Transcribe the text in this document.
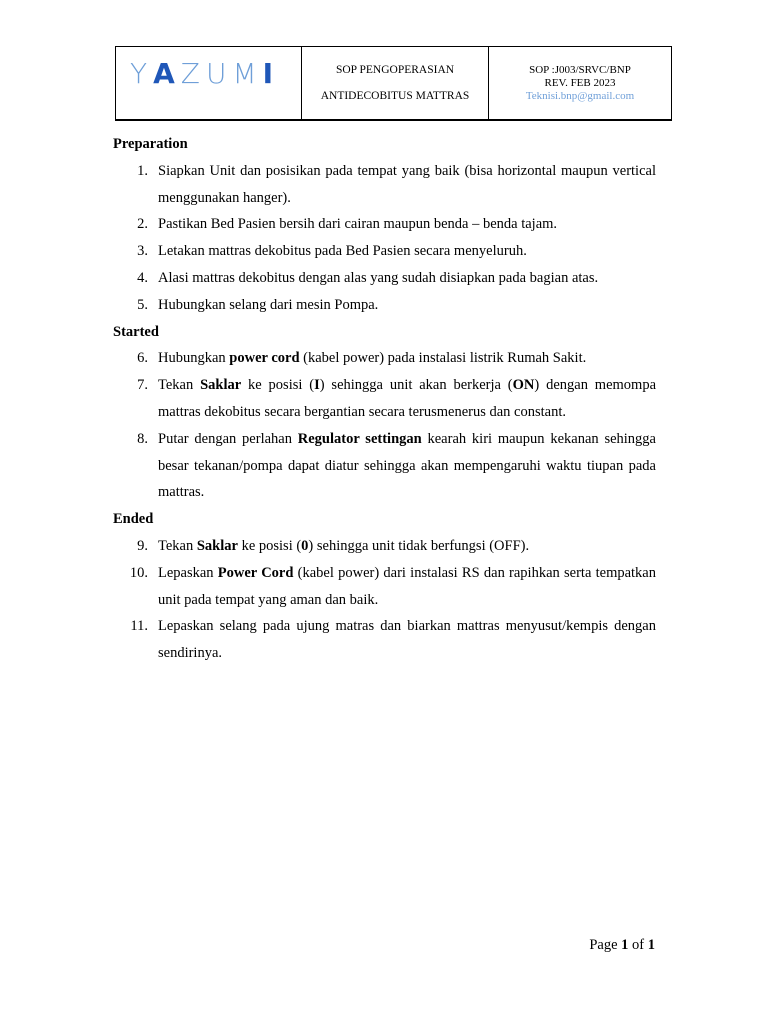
Y A Z U M I	SOP PENGOPERASIAN
ANTIDECOBITUS MATTRAS

SOP :J003/SRVC/BNP
REV. FEB 2023
Teknisi.bnp@gmail.com
Preparation
1. Siapkan Unit dan posisikan pada tempat yang baik (bisa horizontal maupun vertical menggunakan hanger).
2. Pastikan Bed Pasien bersih dari cairan maupun benda – benda tajam.
3. Letakan mattras dekobitus pada Bed Pasien secara menyeluruh.
4. Alasi mattras dekobitus dengan alas yang sudah disiapkan pada bagian atas.
5. Hubungkan selang dari mesin Pompa.
Started
6. Hubungkan power cord (kabel power) pada instalasi listrik Rumah Sakit.
7. Tekan Saklar ke posisi (I) sehingga unit akan berkerja (ON) dengan memompa mattras dekobitus secara bergantian secara terusmenerus dan constant.
8. Putar dengan perlahan Regulator settingan kearah kiri maupun kekanan sehingga besar tekanan/pompa dapat diatur sehingga akan mempengaruhi waktu tiupan pada mattras.
Ended
9. Tekan Saklar ke posisi (0) sehingga unit tidak berfungsi (OFF).
10. Lepaskan Power Cord (kabel power) dari instalasi RS dan rapihkan serta tempatkan unit pada tempat yang aman dan baik.
11. Lepaskan selang pada ujung matras dan biarkan mattras menyusut/kempis dengan sendirinya.
Page 1 of 1
